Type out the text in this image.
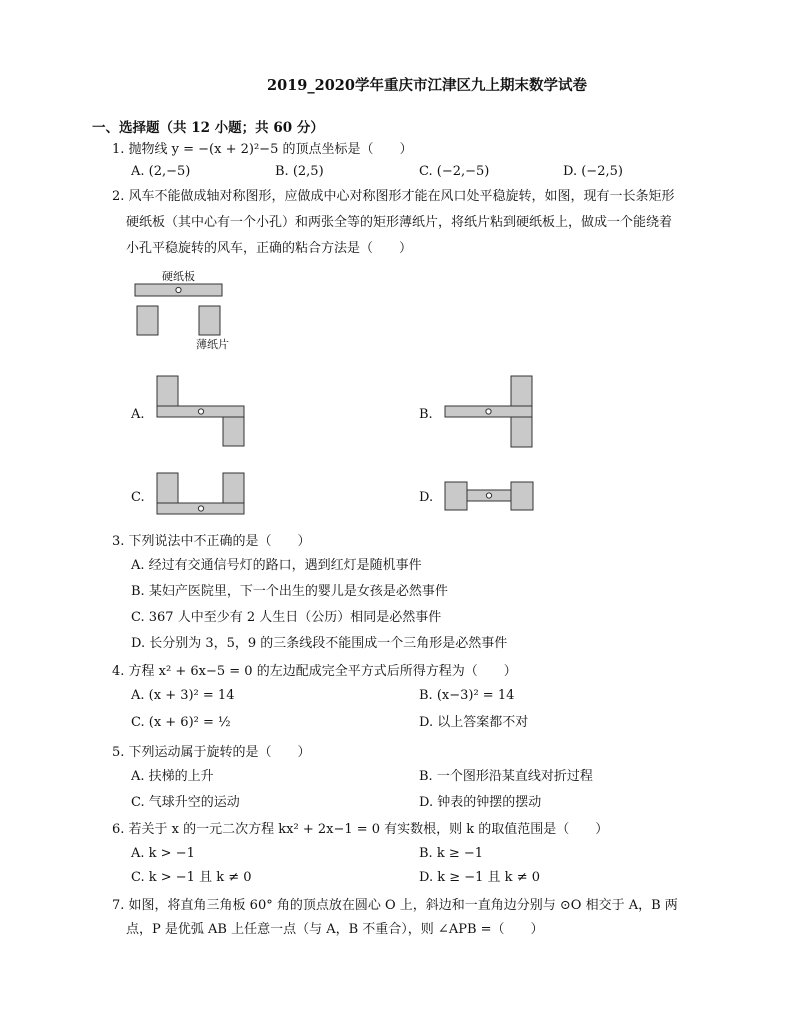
2019_2020学年重庆市江津区九上期末数学试卷
一、选择题（共 12 小题；共 60 分）
1. 抛物线 y = −(x + 2)²−5 的顶点坐标是（　　）
A. (2,−5)	B. (2,5)	C. (−2,−5)	D. (−2,5)
2. 风车不能做成轴对称图形，应做成中心对称图形才能在风口处平稳旋转，如图，现有一长条矩形
硬纸板（其中心有一个小孔）和两张全等的矩形薄纸片，将纸片粘到硬纸板上，做成一个能绕着
小孔平稳旋转的风车，正确的粘合方法是（　　）
硬纸板
薄纸片
A.	B.
C.	D.
3. 下列说法中不正确的是（　　）
A. 经过有交通信号灯的路口，遇到红灯是随机事件
B. 某妇产医院里，下一个出生的婴儿是女孩是必然事件
C. 367 人中至少有 2 人生日（公历）相同是必然事件
D. 长分别为 3，5，9 的三条线段不能围成一个三角形是必然事件
4. 方程 x² + 6x−5 = 0 的左边配成完全平方式后所得方程为（　　）
A. (x + 3)² = 14	B. (x−3)² = 14
C. (x + 6)² = ½	D. 以上答案都不对
5. 下列运动属于旋转的是（　　）
A. 扶梯的上升	B. 一个图形沿某直线对折过程
C. 气球升空的运动	D. 钟表的钟摆的摆动
6. 若关于 x 的一元二次方程 kx² + 2x−1 = 0 有实数根，则 k 的取值范围是（　　）
A. k > −1	B. k ≥ −1
C. k > −1 且 k ≠ 0	D. k ≥ −1 且 k ≠ 0
7. 如图，将直角三角板 60° 角的顶点放在圆心 O 上，斜边和一直角边分别与 ⊙O 相交于 A，B 两
点，P 是优弧 AB 上任意一点（与 A，B 不重合），则 ∠APB =（　　）
